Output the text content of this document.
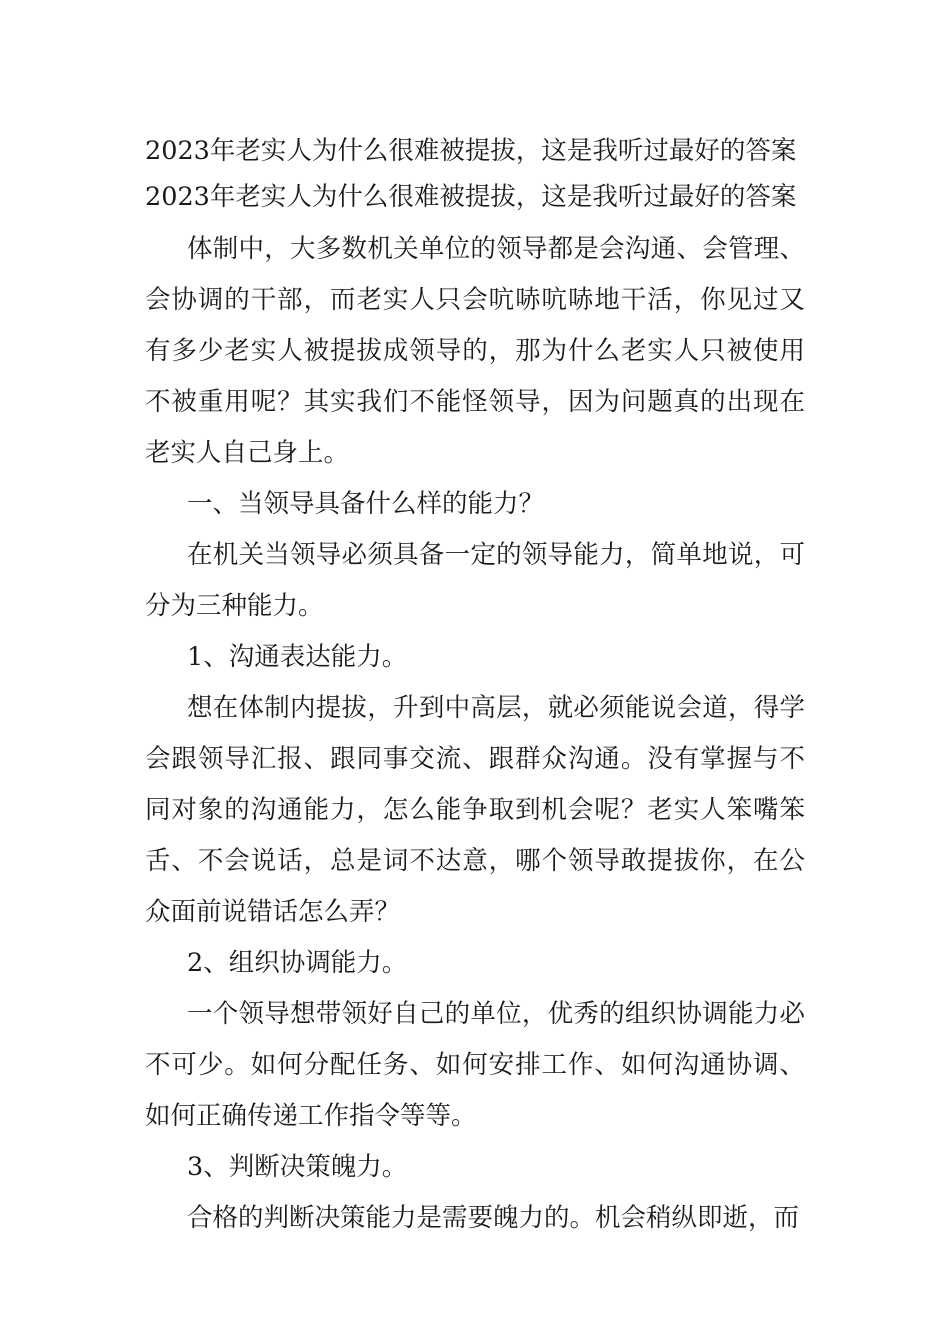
2023年老实人为什么很难被提拔，这是我听过最好的答案

2023年老实人为什么很难被提拔，这是我听过最好的答案

体制中，大多数机关单位的领导都是会沟通、会管理、会协调的干部，而老实人只会吭哧吭哧地干活，你见过又有多少老实人被提拔成领导的，那为什么老实人只被使用不被重用呢？其实我们不能怪领导，因为问题真的出现在老实人自己身上。

一、当领导具备什么样的能力？

在机关当领导必须具备一定的领导能力，简单地说，可分为三种能力。

1、沟通表达能力。

想在体制内提拔，升到中高层，就必须能说会道，得学会跟领导汇报、跟同事交流、跟群众沟通。没有掌握与不同对象的沟通能力，怎么能争取到机会呢？老实人笨嘴笨舌、不会说话，总是词不达意，哪个领导敢提拔你，在公众面前说错话怎么弄？

2、组织协调能力。

一个领导想带领好自己的单位，优秀的组织协调能力必不可少。如何分配任务、如何安排工作、如何沟通协调、如何正确传递工作指令等等。

3、判断决策魄力。

合格的判断决策能力是需要魄力的。机会稍纵即逝，而
